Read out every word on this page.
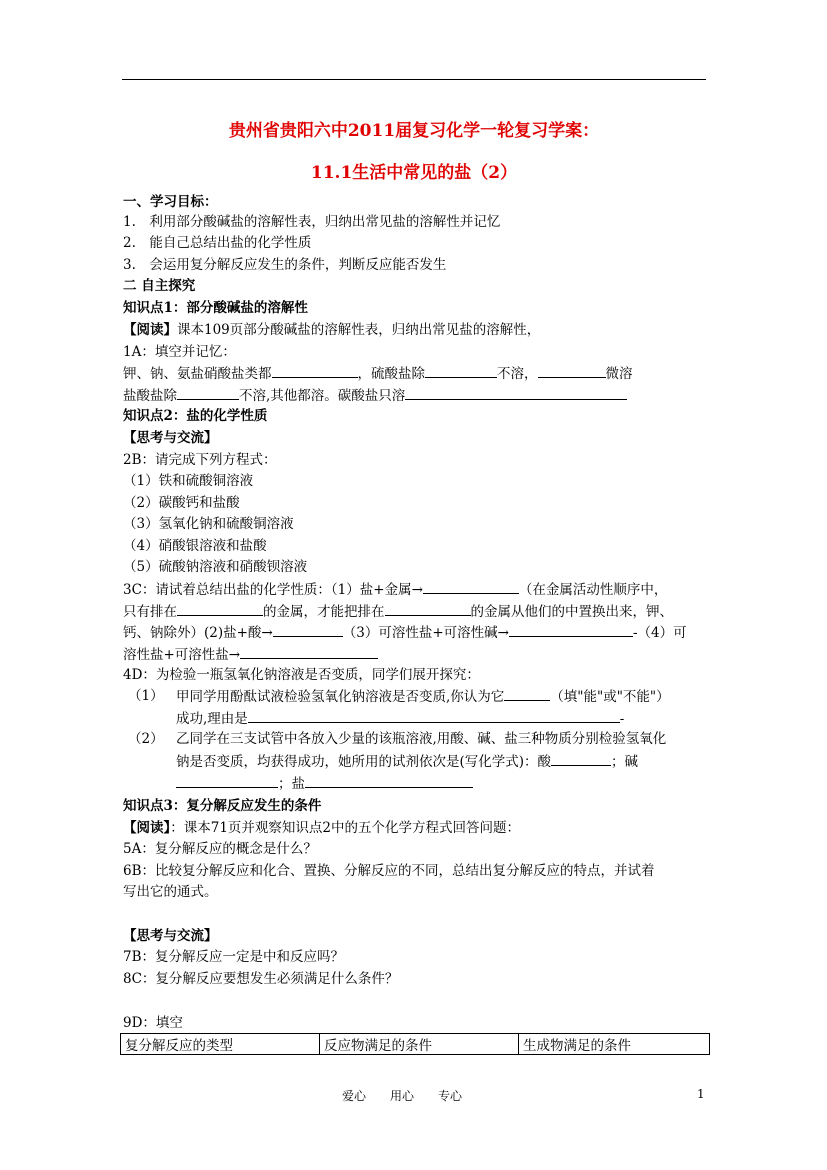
贵州省贵阳六中2011届复习化学一轮复习学案：
11.1生活中常见的盐（2）
一、学习目标：
1.　利用部分酸碱盐的溶解性表，归纳出常见盐的溶解性并记忆
2.　能自己总结出盐的化学性质
3.　会运用复分解反应发生的条件，判断反应能否发生
二 自主探究
知识点1：部分酸碱盐的溶解性
【阅读】课本109页部分酸碱盐的溶解性表，归纳出常见盐的溶解性，
1A：填空并记忆：
钾、钠、氨盐硝酸盐类都	，硫酸盐除	不溶，	微溶
盐酸盐除	不溶,其他都溶。碳酸盐只溶
知识点2：盐的化学性质
【思考与交流】
2B：请完成下列方程式：
（1）铁和硫酸铜溶液
（2）碳酸钙和盐酸
（3）氢氧化钠和硫酸铜溶液
（4）硝酸银溶液和盐酸
（5）硫酸钠溶液和硝酸钡溶液
3C：请试着总结出盐的化学性质：（1）盐+金属→	（在金属活动性顺序中，
只有排在	的金属，才能把排在	的金属从他们的中置换出来，钾、
钙、钠除外）(2)盐+酸→	（3）可溶性盐+可溶性碱→	-（4）可
溶性盐+可溶性盐→
4D：为检验一瓶氢氧化钠溶液是否变质，同学们展开探究：
（1） 甲同学用酚酞试液检验氢氧化钠溶液是否变质,你认为它	（填"能"或"不能"）
成功,理由是	-
（2） 乙同学在三支试管中各放入少量的该瓶溶液,用酸、碱、盐三种物质分别检验氢氧化
钠是否变质，均获得成功，她所用的试剂依次是(写化学式)：酸	；碱
；盐
知识点3：复分解反应发生的条件
【阅读】：课本71页并观察知识点2中的五个化学方程式回答问题：
5A：复分解反应的概念是什么？
6B：比较复分解反应和化合、置换、分解反应的不同，总结出复分解反应的特点，并试着
写出它的通式。
【思考与交流】
7B：复分解反应一定是中和反应吗？
8C：复分解反应要想发生必须满足什么条件？
9D：填空
复分解反应的类型	反应物满足的条件	生成物满足的条件
爱心　　用心　　专心	1
